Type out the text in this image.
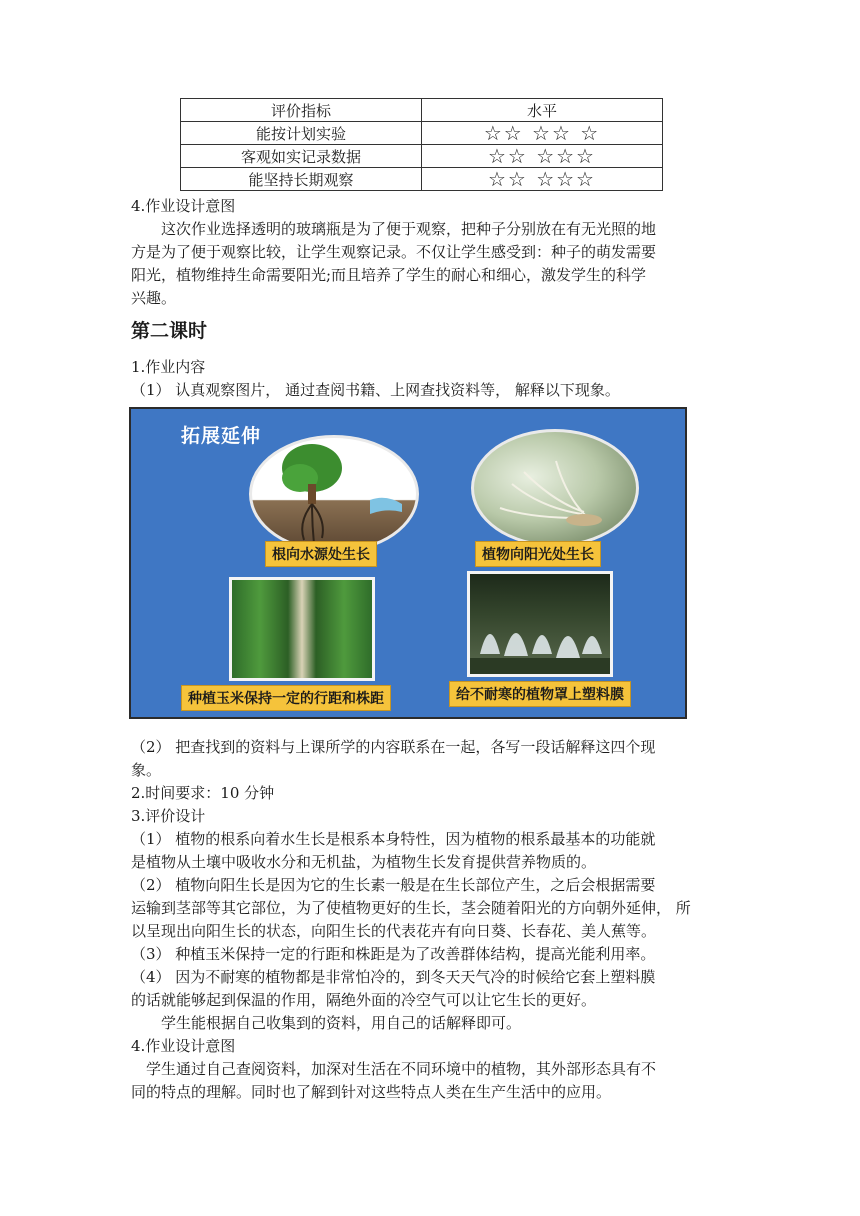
评价指标	水平
能按计划实验	☆☆ ☆☆ ☆
客观如实记录数据	☆☆ ☆☆☆
能坚持长期观察	☆☆ ☆☆☆

4.作业设计意图

这次作业选择透明的玻璃瓶是为了便于观察，把种子分别放在有无光照的地

方是为了便于观察比较，让学生观察记录。不仅让学生感受到：种子的萌发需要

阳光，植物维持生命需要阳光;而且培养了学生的耐心和细心，激发学生的科学

兴趣。

第二课时

1.作业内容

（1） 认真观察图片， 通过查阅书籍、上网查找资料等， 解释以下现象。

拓展延伸
根向水源处生长	植物向阳光处生长
种植玉米保持一定的行距和株距	给不耐寒的植物罩上塑料膜

（2） 把查找到的资料与上课所学的内容联系在一起，各写一段话解释这四个现

象。

2.时间要求：10 分钟

3.评价设计

（1） 植物的根系向着水生长是根系本身特性，因为植物的根系最基本的功能就

是植物从土壤中吸收水分和无机盐，为植物生长发育提供营养物质的。

（2） 植物向阳生长是因为它的生长素一般是在生长部位产生，之后会根据需要

运输到茎部等其它部位，为了使植物更好的生长，茎会随着阳光的方向朝外延伸， 所

以呈现出向阳生长的状态，向阳生长的代表花卉有向日葵、长春花、美人蕉等。

（3） 种植玉米保持一定的行距和株距是为了改善群体结构，提高光能利用率。

（4） 因为不耐寒的植物都是非常怕冷的，到冬天天气冷的时候给它套上塑料膜

的话就能够起到保温的作用，隔绝外面的冷空气可以让它生长的更好。

学生能根据自己收集到的资料，用自己的话解释即可。

4.作业设计意图

学生通过自己查阅资料，加深对生活在不同环境中的植物，其外部形态具有不

同的特点的理解。同时也了解到针对这些特点人类在生产生活中的应用。
